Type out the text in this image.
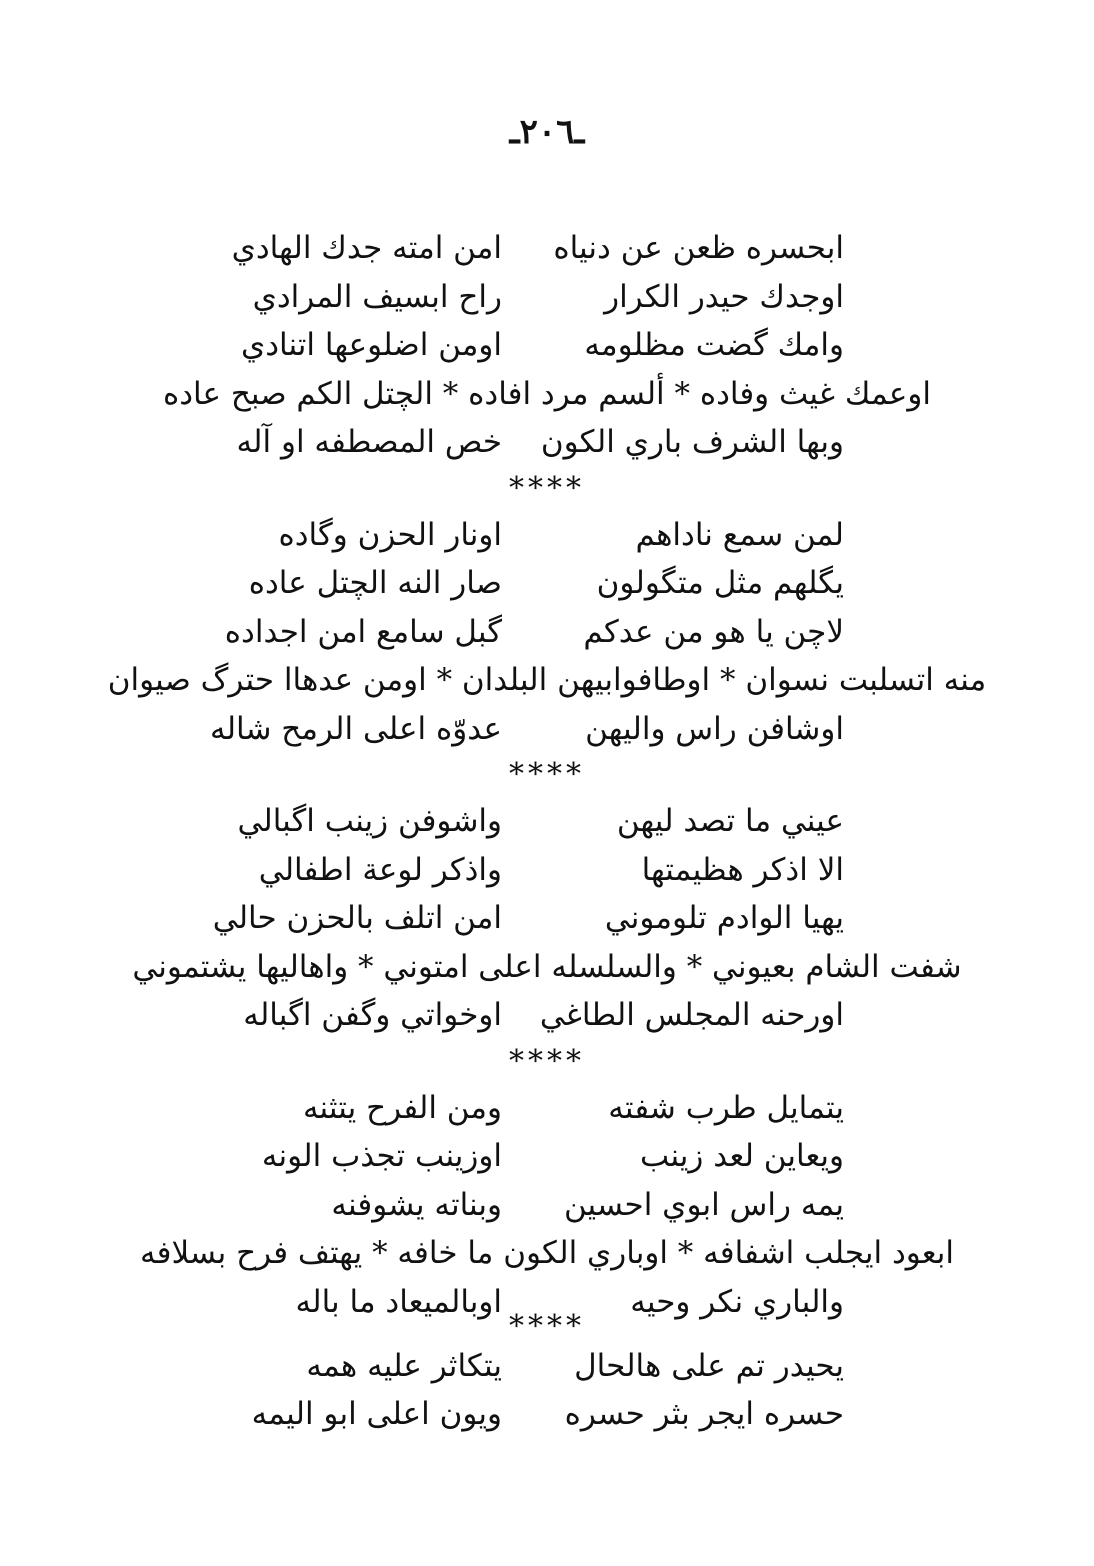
ـ٢٠٦ـ
ابحسره ظعن عن دنياه
امن امته جدك الهادي
اوجدك حيدر الكرار
راح ابسيف المرادي
وامك گضت مظلومه
اومن اضلوعها اتنادي
اوعمك غيث وفاده * ألسم مرد افاده * الچتل الكم صبح عاده
وبها الشرف باري الكون
خص المصطفه او آله
****
لمن سمع ناداهم
اونار الحزن وگاده
يگلهم مثل متگولون
صار النه الچتل عاده
لاچن يا هو من عدكم
گبل سامع امن اجداده
منه اتسلبت نسوان * اوطافوابيهن البلدان * اومن عدهاا حترگ صيوان
اوشافن راس واليهن
عدوّه اعلى الرمح شاله
****
عيني ما تصد ليهن
واشوفن زينب اگبالي
الا اذكر هظيمتها
واذكر لوعة اطفالي
يهيا الوادم تلوموني
امن اتلف بالحزن حالي
شفت الشام بعيوني * والسلسله اعلى امتوني * واهاليها يشتموني
اورحنه المجلس الطاغي
اوخواتي وگفن اگباله
****
يتمايل طرب شفته
ومن الفرح يتثنه
ويعاين لعد زينب
اوزينب تجذب الونه
يمه راس ابوي احسين
وبناته يشوفنه
ابعود ايجلب اشفافه * اوباري الكون ما خافه * يهتف فرح بسلافه
والباري نكر وحيه
اوبالميعاد ما باله
****
يحيدر تم على هالحال
يتكاثر عليه همه
حسره ايجر بثر حسره
ويون اعلى ابو اليمه
